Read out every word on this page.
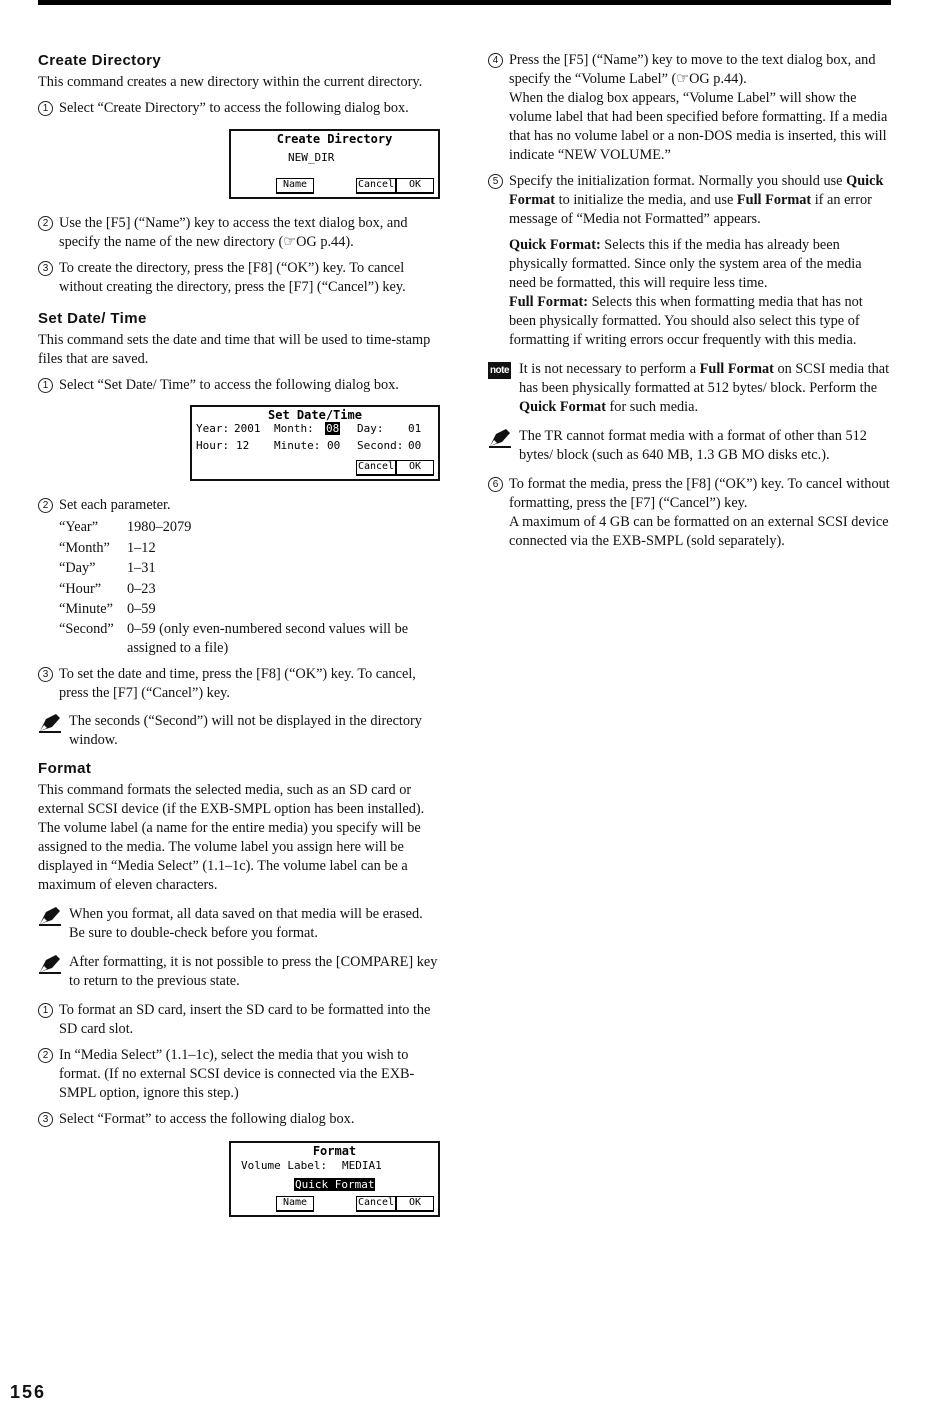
Create Directory

This command creates a new directory within the current directory.

1 Select “Create Directory” to access the following dialog box.
Create Directory
NEW_DIR
Name	Cancel	OK
2 Use the [F5] (“Name”) key to access the text dialog box, and specify the name of the new directory (☞OG p.44).
3 To create the directory, press the [F8] (“OK”) key. To cancel without creating the directory, press the [F7] (“Cancel”) key.
Set Date/ Time

This command sets the date and time that will be used to time-stamp files that are saved.

1 Select “Set Date/ Time” to access the following dialog box.
Set Date/Time
Year: 2001 Month: 08 Day: 01
Hour: 12 Minute: 00 Second: 00
Cancel	OK
2 Set each parameter.
“Year”	1980–2079
“Month”	1–12
“Day”	1–31
“Hour”	0–23
“Minute” 0–59
“Second” 0–59 (only even-numbered second values will be assigned to a file)
3 To set the date and time, press the [F8] (“OK”) key. To cancel, press the [F7] (“Cancel”) key.
The seconds (“Second”) will not be displayed in the directory window.
Format

This command formats the selected media, such as an SD card or external SCSI device (if the EXB-SMPL option has been installed). The volume label (a name for the entire media) you specify will be assigned to the media. The volume label you assign here will be displayed in “Media Select” (1.1–1c). The volume label can be a maximum of eleven characters.

When you format, all data saved on that media will be erased. Be sure to double-check before you format.
After formatting, it is not possible to press the [COMPARE] key to return to the previous state.
1 To format an SD card, insert the SD card to be formatted into the SD card slot.
2 In “Media Select” (1.1–1c), select the media that you wish to format. (If no external SCSI device is connected via the EXB-SMPL option, ignore this step.)
3 Select “Format” to access the following dialog box.
Format
Volume Label: MEDIA1
Quick Format
Name	Cancel	OK
4 Press the [F5] (“Name”) key to move to the text dialog box, and specify the “Volume Label” (☞OG p.44).

When the dialog box appears, “Volume Label” will show the volume label that had been specified before formatting. If a media that has no volume label or a non-DOS media is inserted, this will indicate “NEW VOLUME.”

5 Specify the initialization format. Normally you should use Quick Format to initialize the media, and use Full Format if an error message of “Media not Formatted” appears.

Quick Format: Selects this if the media has already been physically formatted. Since only the system area of the media need be formatted, this will require less time.

Full Format: Selects this when formatting media that has not been physically formatted. You should also select this type of formatting if writing errors occur frequently with this media.

note It is not necessary to perform a Full Format on SCSI media that has been physically formatted at 512 bytes/ block. Perform the Quick Format for such media.
The TR cannot format media with a format of other than 512 bytes/ block (such as 640 MB, 1.3 GB MO disks etc.).
6 To format the media, press the [F8] (“OK”) key. To cancel without formatting, press the [F7] (“Cancel”) key.

A maximum of 4 GB can be formatted on an external SCSI device connected via the EXB-SMPL (sold separately).

156
